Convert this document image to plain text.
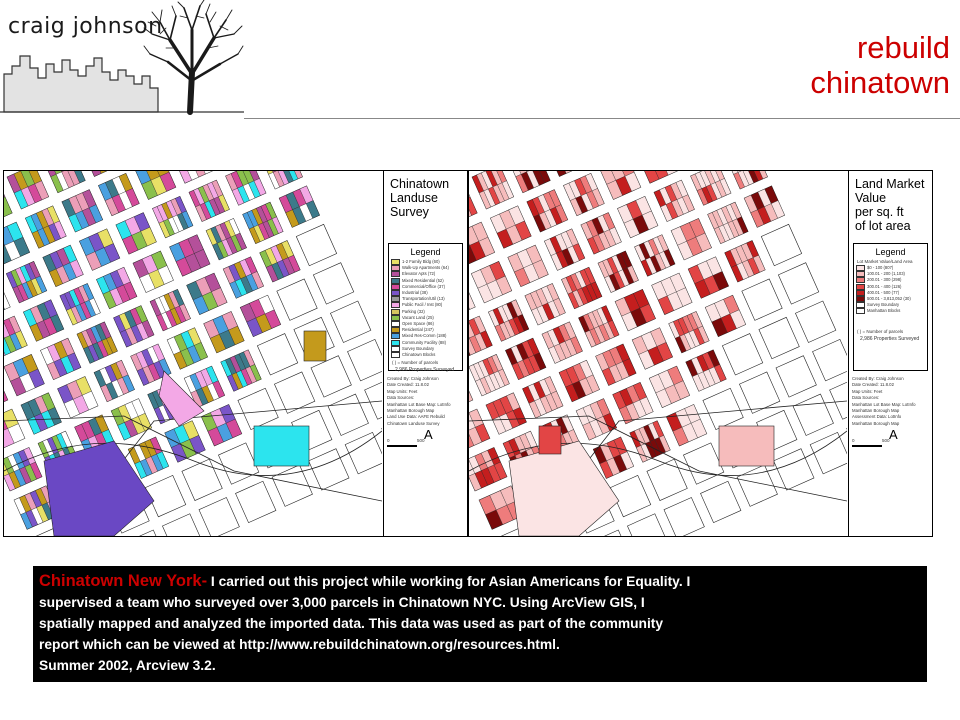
craig johnson
rebuild
chinatown
Chinatown
Landuse
Survey
Legend
1-2 Family Bldg (60)
Walk-Up Apartments (64)
Elevator Apts (72)
Mixed Residential (52)
Commercial/Office (37)
Industrial (38)
Transportation/Util (13)
Public Facil / Inst (80)
Parking (32)
Vacant Land (25)
Open Space (86)
Residential (247)
Mixed Res-Comm (188)
Community Facility (88)
Survey Boundary
Chinatown Blocks
( ) = Number of parcels
2,986 Properties Surveyed
Created By: Craig Johnson
Date Created: 11.8.02
Map Units: Feet
Data Sources:
Manhattan Lot Base Map: LotInfo
Manhattan Borough Map
Land Use Data: AAFE Rebuild
Chinatown Landuse Survey
0	500 A
Land Market
Value
per sq. ft
of lot area
Legend
Lot Market Value/Land Area
$0 - 100 (807)
100.01 - 200 (1,103)
200.01 - 300 (298)
300.01 - 400 (126)
400.01 - 500 (77)
500.01 - 3,813,052 (30)
Survey Boundary
Manhattan Blocks
( ) = Number of parcels
2,986 Properties Surveyed
Created By: Craig Johnson
Date Created: 11.8.02
Map Units: Feet
Data Sources:
Manhattan Lot Base Map: LotInfo
Manhattan Borough Map
Assessment Data: LotInfo
Manhattan Borough Map
0	500 A
Chinatown New York- I carried out this project while working for Asian Americans for Equality. I
supervised a team who surveyed over 3,000 parcels in Chinatown NYC. Using ArcView GIS, I
spatially mapped and analyzed the imported data. This data was used as part of the community
report which can be viewed at http://www.rebuildchinatown.org/resources.html.
Summer 2002, Arcview 3.2.
